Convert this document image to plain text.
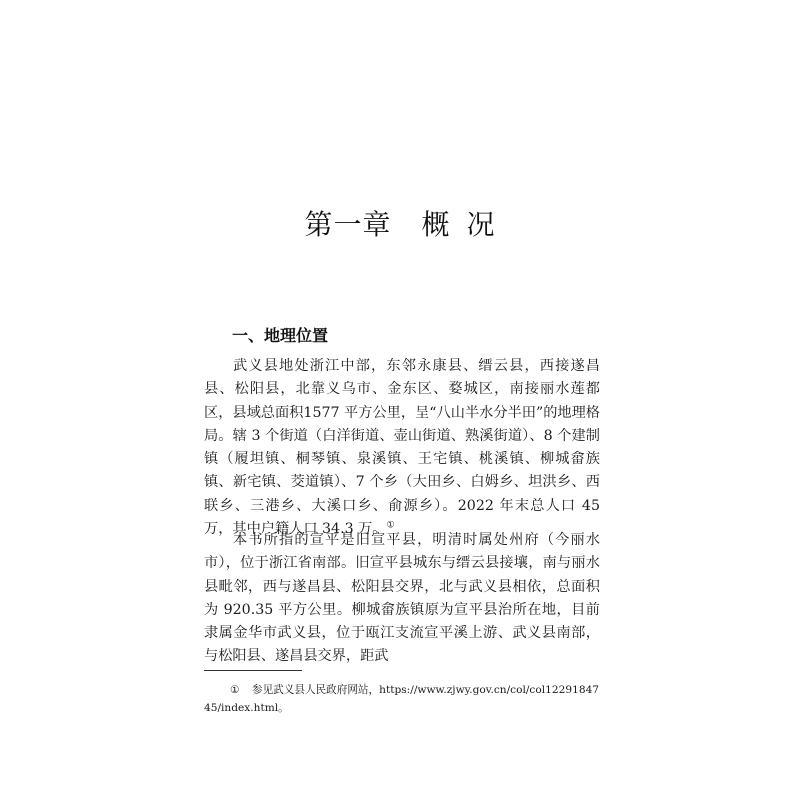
第一章 概 况
一、地理位置

武义县地处浙江中部，东邻永康县、缙云县，西接遂昌县、松阳县，北靠义乌市、金东区、婺城区，南接丽水莲都区，县域总面积1577 平方公里，呈“八山半水分半田”的地理格局。辖 3 个街道（白洋街道、壶山街道、熟溪街道）、8 个建制镇（履坦镇、桐琴镇、泉溪镇、王宅镇、桃溪镇、柳城畲族镇、新宅镇、茭道镇）、7 个乡（大田乡、白姆乡、坦洪乡、西联乡、三港乡、大溪口乡、俞源乡）。2022 年末总人口 45 万，其中户籍人口 34.3 万。①

本书所指的宣平是旧宣平县，明清时属处州府（今丽水市），位于浙江省南部。旧宣平县城东与缙云县接壤，南与丽水县毗邻，西与遂昌县、松阳县交界，北与武义县相依，总面积为 920.35 平方公里。柳城畲族镇原为宣平县治所在地，目前隶属金华市武义县，位于瓯江支流宣平溪上游、武义县南部，与松阳县、遂昌县交界，距武

① 参见武义县人民政府网站，https://www.zjwy.gov.cn/col/col1229184745/index.html。
